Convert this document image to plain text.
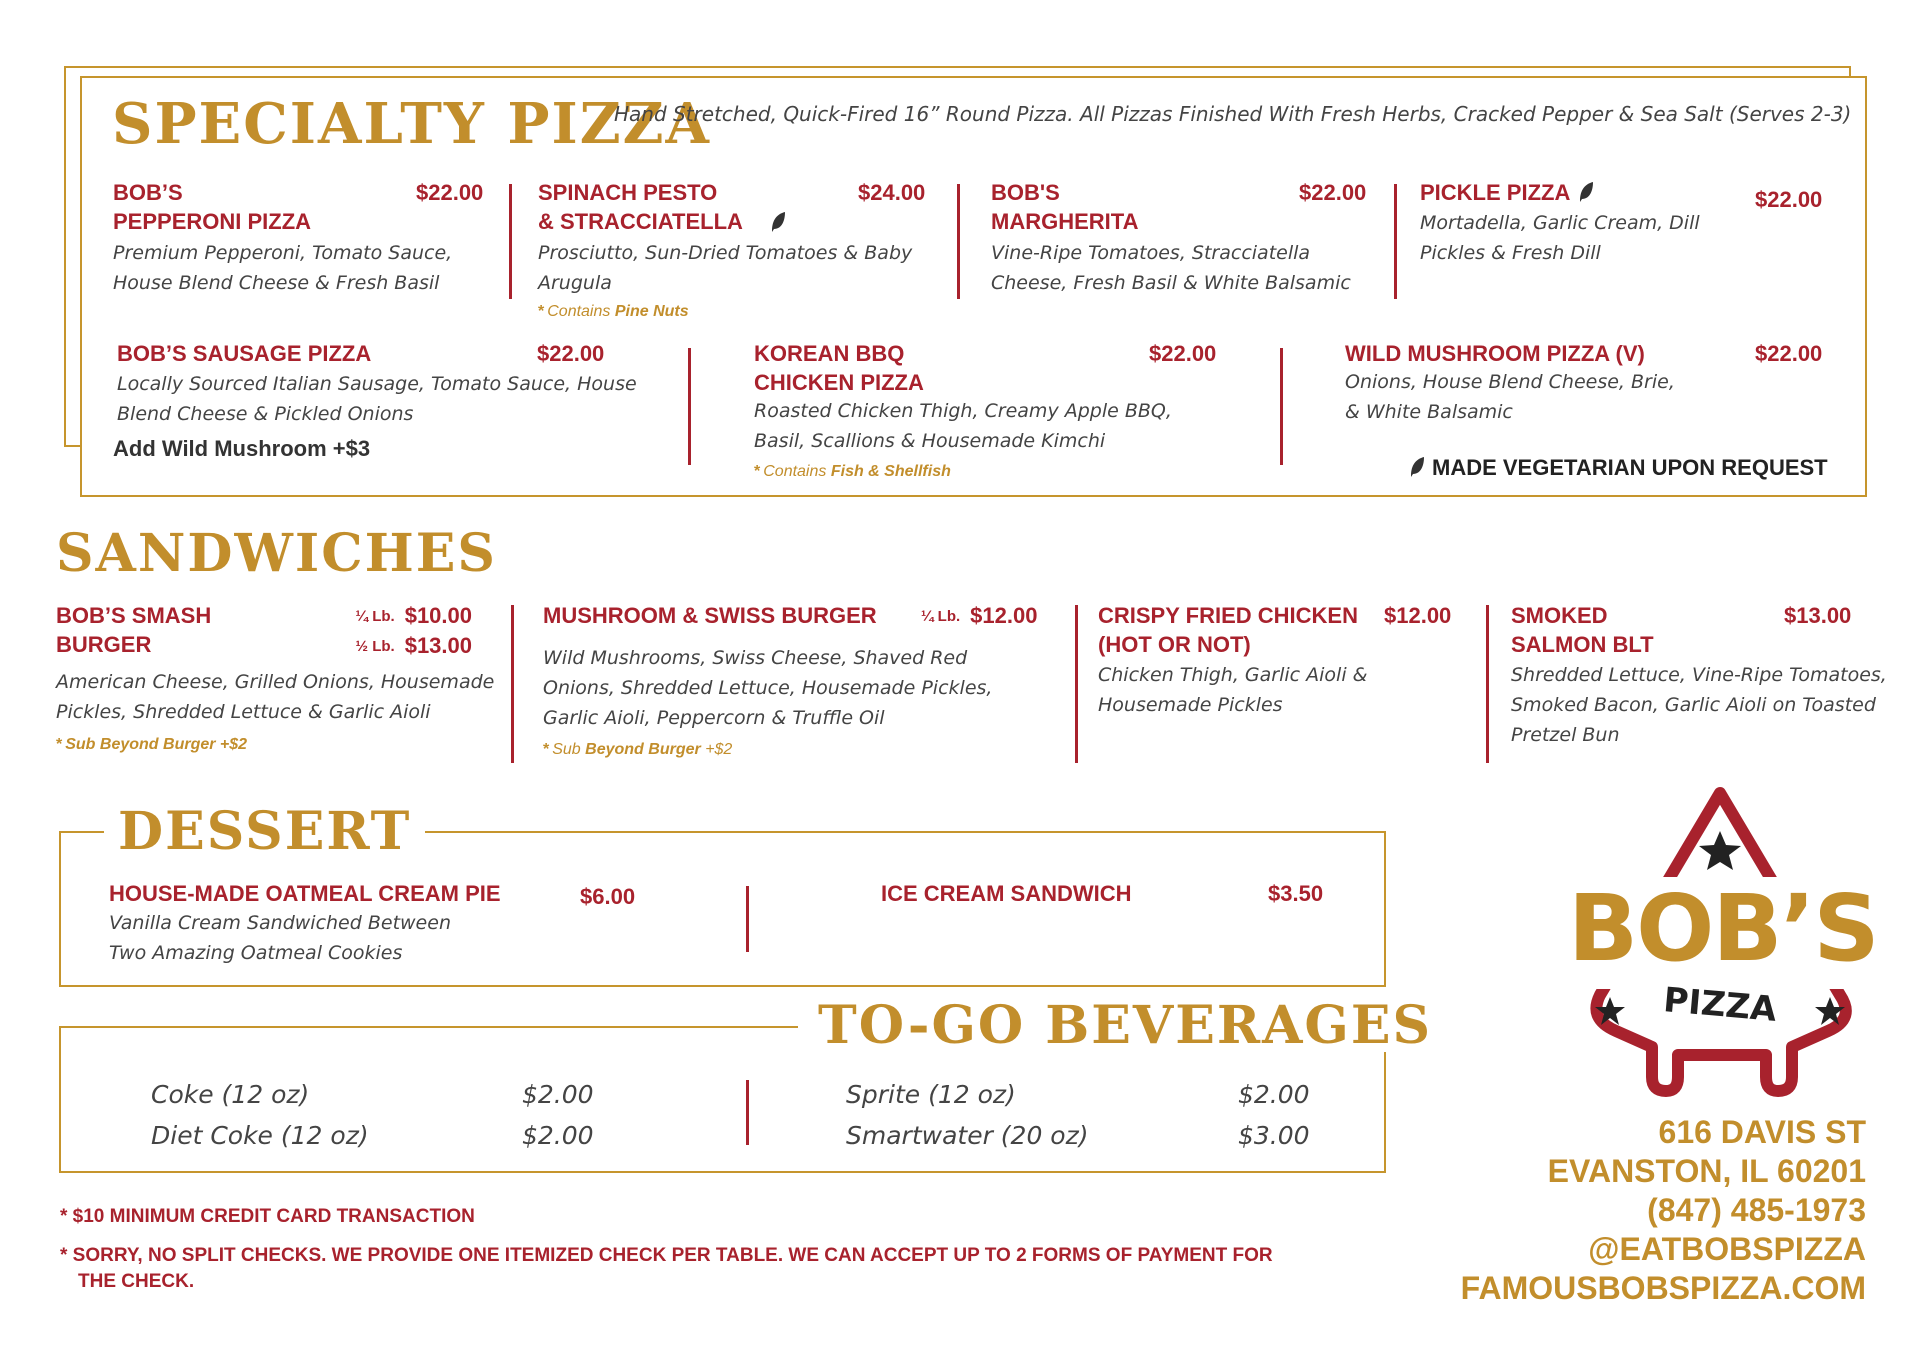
SPECIALTY PIZZA
Hand Stretched, Quick-Fired 16” Round Pizza. All Pizzas Finished With Fresh Herbs, Cracked Pepper & Sea Salt (Serves 2-3)
BOB’S
PEPPERONI PIZZA
$22.00
Premium Pepperoni, Tomato Sauce,
House Blend Cheese & Fresh Basil
SPINACH PESTO
& STRACCIATELLA
$24.00
Prosciutto, Sun-Dried Tomatoes & Baby
Arugula
* Contains Pine Nuts
BOB'S
MARGHERITA
$22.00
Vine-Ripe Tomatoes, Stracciatella
Cheese, Fresh Basil & White Balsamic
PICKLE PIZZA	$22.00
Mortadella, Garlic Cream, Dill
Pickles & Fresh Dill
BOB’S SAUSAGE PIZZA	$22.00
Locally Sourced Italian Sausage, Tomato Sauce, House
Blend Cheese & Pickled Onions
Add Wild Mushroom +$3
KOREAN BBQ
CHICKEN PIZZA
$22.00
Roasted Chicken Thigh, Creamy Apple BBQ,
Basil, Scallions & Housemade Kimchi
* Contains Fish & Shellfish
WILD MUSHROOM PIZZA (V)	$22.00
Onions, House Blend Cheese, Brie,
& White Balsamic
MADE VEGETARIAN UPON REQUEST
SANDWICHES
BOB’S SMASH
BURGER
¼ Lb. $10.00
½ Lb. $13.00
American Cheese, Grilled Onions, Housemade
Pickles, Shredded Lettuce & Garlic Aioli
* Sub Beyond Burger +$2
MUSHROOM & SWISS BURGER	¼ Lb. $12.00
Wild Mushrooms, Swiss Cheese, Shaved Red
Onions, Shredded Lettuce, Housemade Pickles,
Garlic Aioli, Peppercorn & Truffle Oil
* Sub Beyond Burger +$2
CRISPY FRIED CHICKEN
(HOT OR NOT)
$12.00
Chicken Thigh, Garlic Aioli &
Housemade Pickles
SMOKED
SALMON BLT
$13.00
Shredded Lettuce, Vine-Ripe Tomatoes,
Smoked Bacon, Garlic Aioli on Toasted
Pretzel Bun
DESSERT
HOUSE-MADE OATMEAL CREAM PIE	$6.00
Vanilla Cream Sandwiched Between
Two Amazing Oatmeal Cookies
ICE CREAM SANDWICH	$3.50
TO-GO BEVERAGES
Coke (12 oz)	$2.00
Diet Coke (12 oz)	$2.00
Sprite (12 oz)	$2.00
Smartwater (20 oz)	$3.00
* $10 MINIMUM CREDIT CARD TRANSACTION
* SORRY, NO SPLIT CHECKS. WE PROVIDE ONE ITEMIZED CHECK PER TABLE. WE CAN ACCEPT UP TO 2 FORMS OF PAYMENT FOR
THE CHECK.
BOB’S
PIZZA
616 DAVIS ST
EVANSTON, IL 60201
(847) 485-1973
@EATBOBSPIZZA
FAMOUSBOBSPIZZA.COM
